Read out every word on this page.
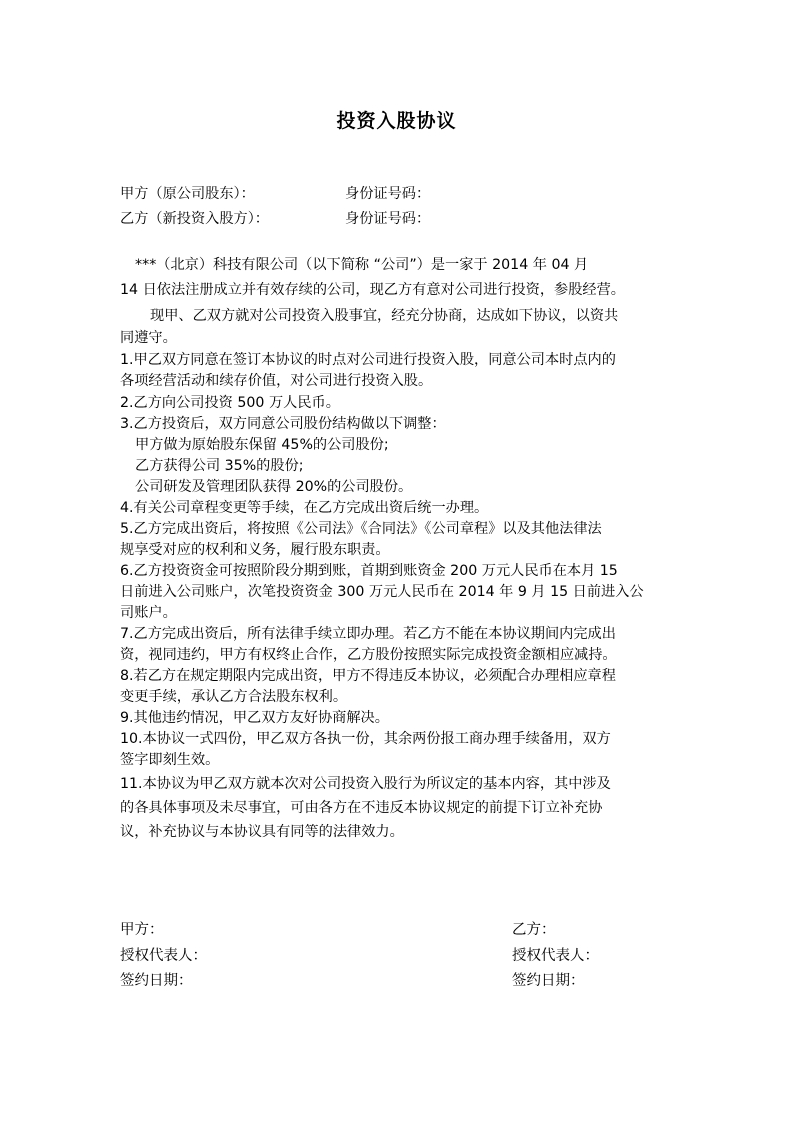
投资入股协议
甲方（原公司股东）：	身份证号码：
乙方（新投资入股方）：	身份证号码：
***（北京）科技有限公司（以下简称 “公司”）是一家于 2014 年 04 月
14 日依法注册成立并有效存续的公司，现乙方有意对公司进行投资，参股经营。
现甲、乙双方就对公司投资入股事宜，经充分协商，达成如下协议，以资共
同遵守。
1.甲乙双方同意在签订本协议的时点对公司进行投资入股，同意公司本时点内的
各项经营活动和续存价值，对公司进行投资入股。
2.乙方向公司投资 500 万人民币。
3.乙方投资后，双方同意公司股份结构做以下调整：
甲方做为原始股东保留 45%的公司股份;
乙方获得公司 35%的股份;
公司研发及管理团队获得 20%的公司股份。
4.有关公司章程变更等手续，在乙方完成出资后统一办理。
5.乙方完成出资后，将按照《公司法》《合同法》《公司章程》以及其他法律法
规享受对应的权利和义务，履行股东职责。
6.乙方投资资金可按照阶段分期到账，首期到账资金 200 万元人民币在本月 15
日前进入公司账户，次笔投资资金 300 万元人民币在 2014 年 9 月 15 日前进入公
司账户。
7.乙方完成出资后，所有法律手续立即办理。若乙方不能在本协议期间内完成出
资，视同违约，甲方有权终止合作，乙方股份按照实际完成投资金额相应减持。
8.若乙方在规定期限内完成出资，甲方不得违反本协议，必须配合办理相应章程
变更手续，承认乙方合法股东权利。
9.其他违约情况，甲乙双方友好协商解决。
10.本协议一式四份，甲乙双方各执一份，其余两份报工商办理手续备用，双方
签字即刻生效。
11.本协议为甲乙双方就本次对公司投资入股行为所议定的基本内容，其中涉及
的各具体事项及未尽事宜，可由各方在不违反本协议规定的前提下订立补充协
议，补充协议与本协议具有同等的法律效力。
甲方：	乙方：
授权代表人：	授权代表人：
签约日期：	签约日期：
